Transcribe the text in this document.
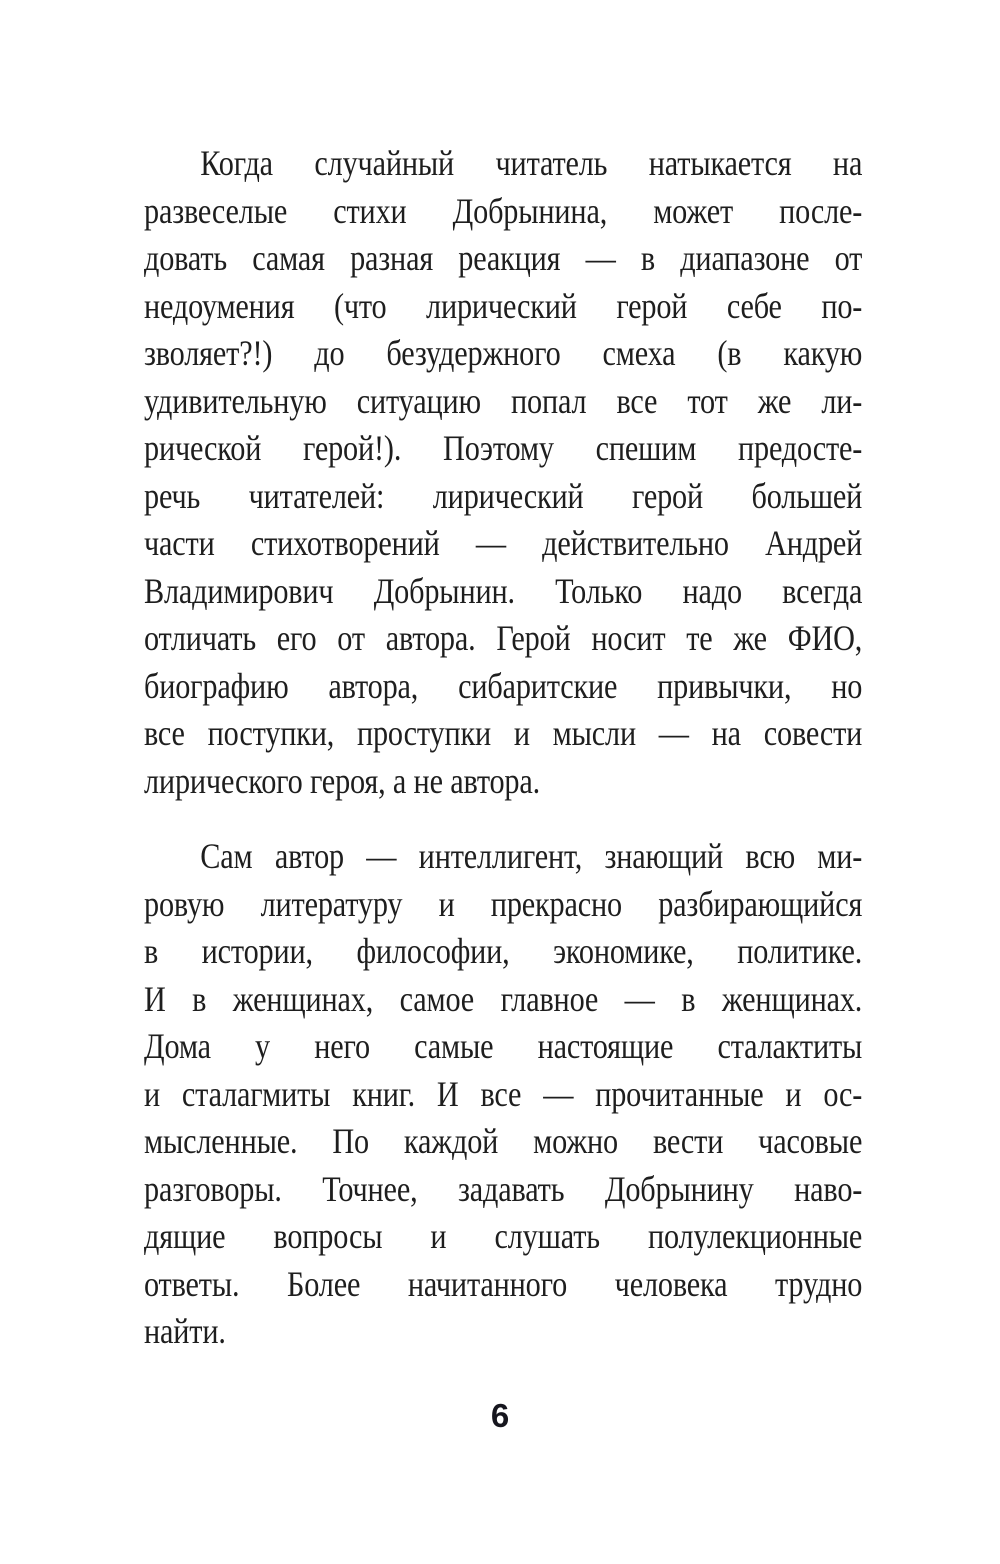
Когда случайный читатель натыкается на
развеселые стихи Добрынина, может после-
довать самая разная реакция — в диапазоне от
недоумения (что лирический герой себе по-
зволяет?!) до безудержного смеха (в какую
удивительную ситуацию попал все тот же ли-
рической герой!). Поэтому спешим предосте-
речь читателей: лирический герой большей
части стихотворений — действительно Андрей
Владимирович Добрынин. Только надо всегда
отличать его от автора. Герой носит те же ФИО,
биографию автора, сибаритские привычки, но
все поступки, проступки и мысли — на совести
лирического героя, а не автора.
Сам автор — интеллигент, знающий всю ми-
ровую литературу и прекрасно разбирающийся
в истории, философии, экономике, политике.
И в женщинах, самое главное — в женщинах.
Дома у него самые настоящие сталактиты
и сталагмиты книг. И все — прочитанные и ос-
мысленные. По каждой можно вести часовые
разговоры. Точнее, задавать Добрынину наво-
дящие вопросы и слушать полулекционные
ответы. Более начитанного человека трудно
найти.
6
